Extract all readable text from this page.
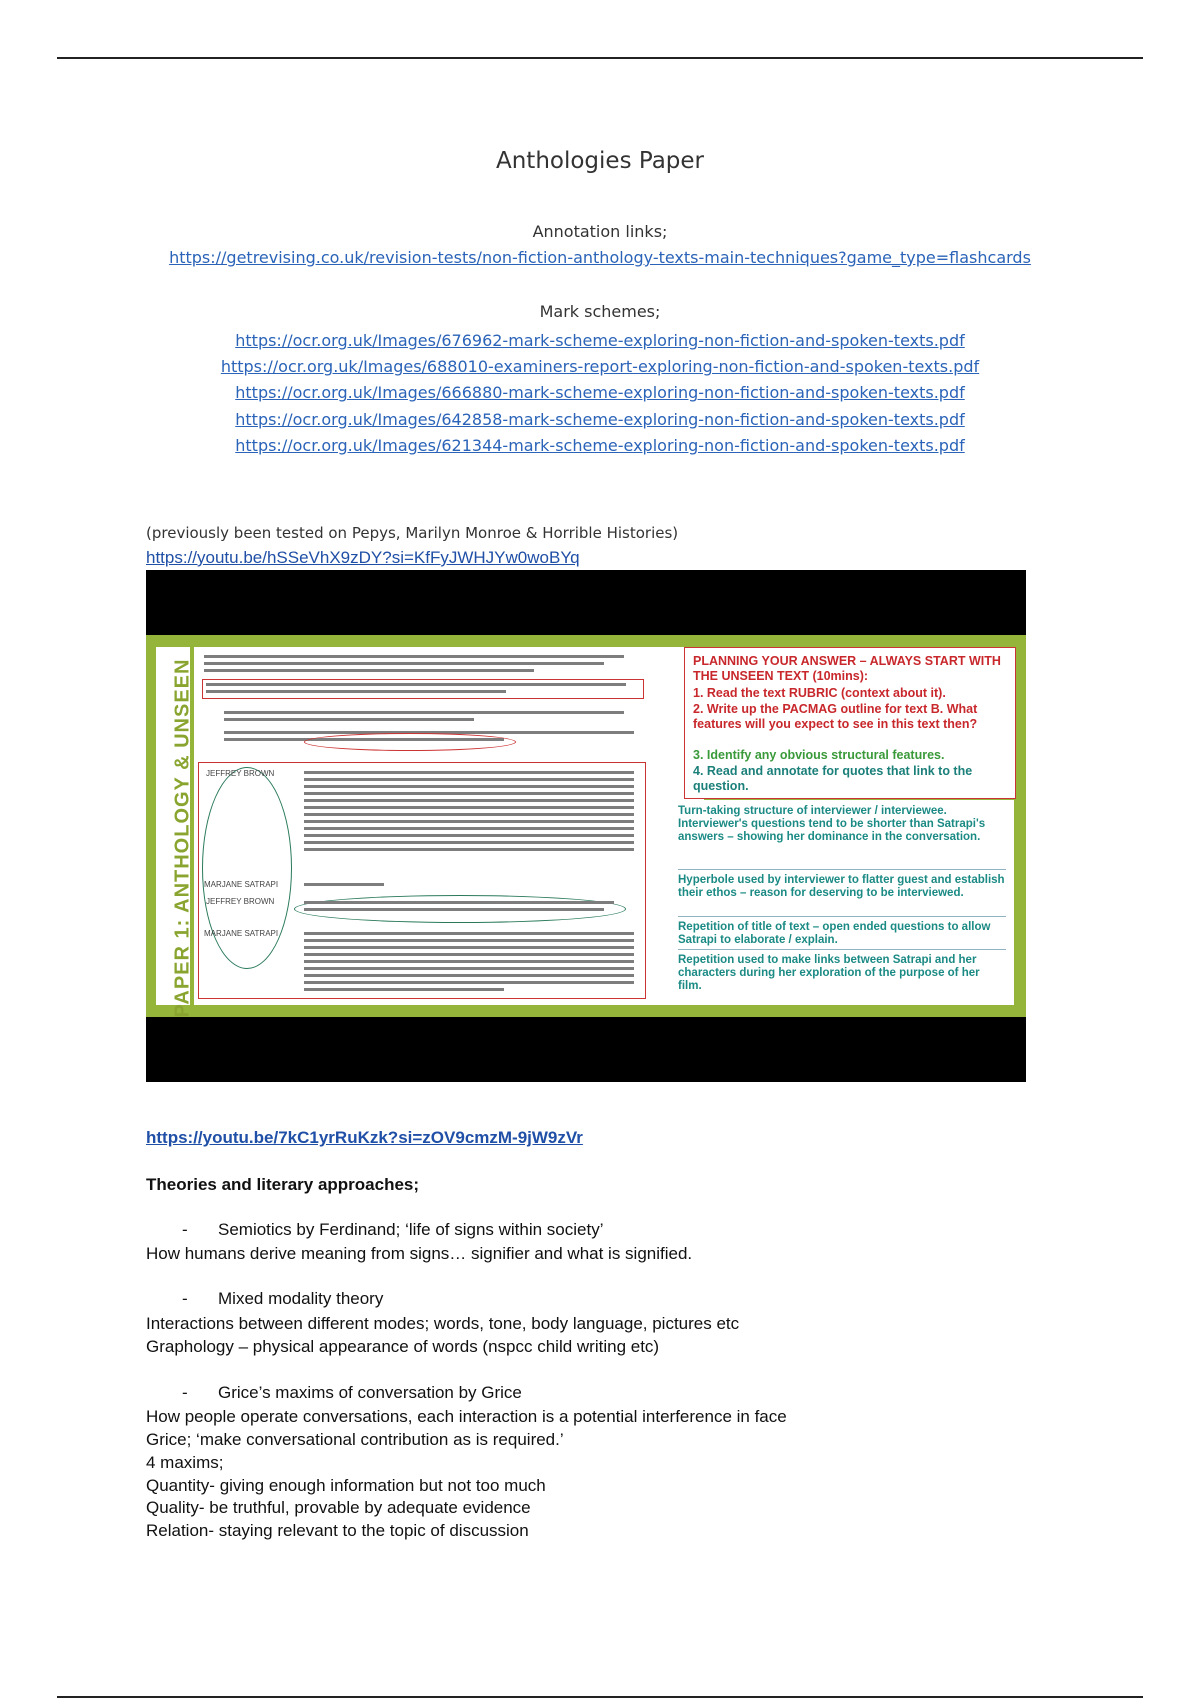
Anthologies Paper
Annotation links;
https://getrevising.co.uk/revision-tests/non-fiction-anthology-texts-main-techniques?game_type=flashcards
Mark schemes;
https://ocr.org.uk/Images/676962-mark-scheme-exploring-non-fiction-and-spoken-texts.pdf
https://ocr.org.uk/Images/688010-examiners-report-exploring-non-fiction-and-spoken-texts.pdf
https://ocr.org.uk/Images/666880-mark-scheme-exploring-non-fiction-and-spoken-texts.pdf
https://ocr.org.uk/Images/642858-mark-scheme-exploring-non-fiction-and-spoken-texts.pdf
https://ocr.org.uk/Images/621344-mark-scheme-exploring-non-fiction-and-spoken-texts.pdf
(previously been tested on Pepys, Marilyn Monroe & Horrible Histories)
https://youtu.be/hSSeVhX9zDY?si=KfFyJWHJYw0woBYq
PAPER 1: ANTHOLOGY & UNSEEN JEFFREY BROWN
MARJANE SATRAPI
JEFFREY BROWN
MARJANE SATRAPI
PLANNING YOUR ANSWER – ALWAYS START WITH THE UNSEEN TEXT (10mins):
1. Read the text RUBRIC (context about it).
2. Write up the PACMAG outline for text B. What features will you expect to see in this text then?
3. Identify any obvious structural features.
4. Read and annotate for quotes that link to the question.
Turn-taking structure of interviewer / interviewee. Interviewer's questions tend to be shorter than Satrapi's answers – showing her dominance in the conversation.
Hyperbole used by interviewer to flatter guest and establish their ethos – reason for deserving to be interviewed.
Repetition of title of text – open ended questions to allow Satrapi to elaborate / explain.
Repetition used to make links between Satrapi and her characters during her exploration of the purpose of her film.
https://youtu.be/7kC1yrRuKzk?si=zOV9cmzM-9jW9zVr
Theories and literary approaches;
- Semiotics by Ferdinand; ‘life of signs within society’
How humans derive meaning from signs… signifier and what is signified.
- Mixed modality theory
Interactions between different modes; words, tone, body language, pictures etc
Graphology – physical appearance of words (nspcc child writing etc)
- Grice’s maxims of conversation by Grice
How people operate conversations, each interaction is a potential interference in face
Grice; ‘make conversational contribution as is required.’
4 maxims;
Quantity- giving enough information but not too much
Quality- be truthful, provable by adequate evidence
Relation- staying relevant to the topic of discussion
